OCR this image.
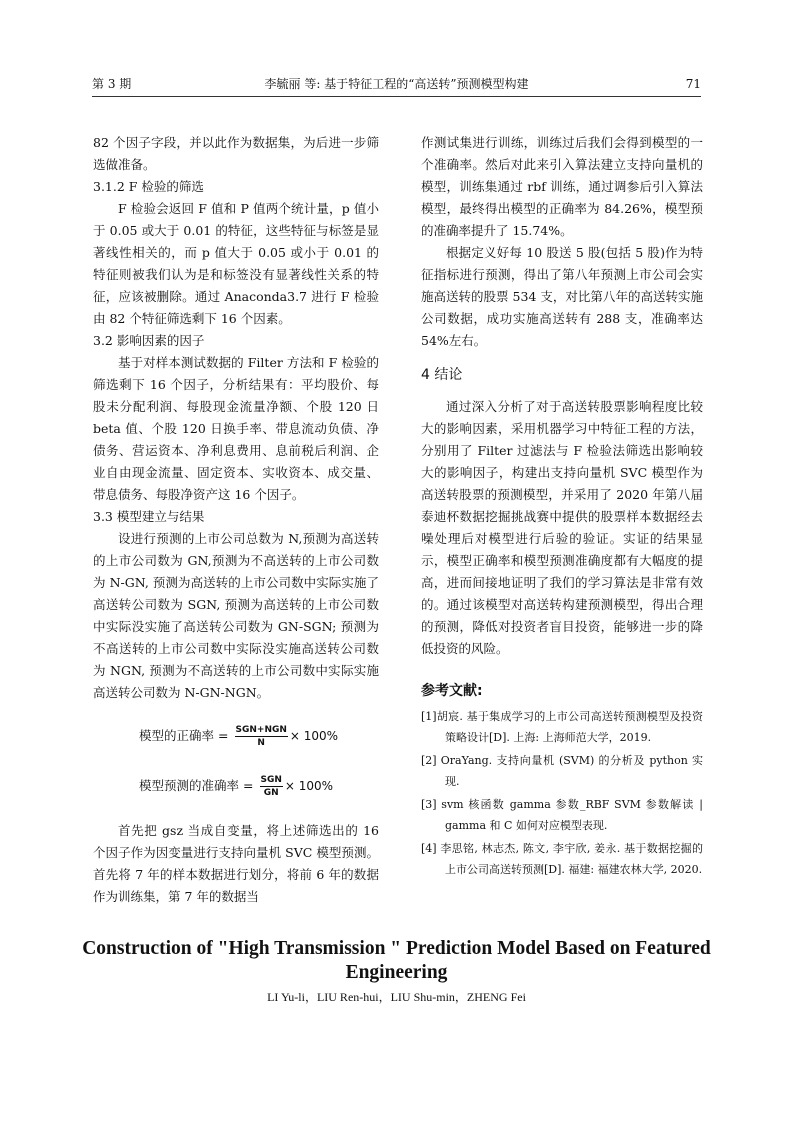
第 3 期	李毓丽 等: 基于特征工程的“高送转”预测模型构建	71

82 个因子字段，并以此作为数据集，为后进一步筛选做准备。

3.1.2 F 检验的筛选

F 检验会返回 F 值和 P 值两个统计量，p 值小于 0.05 或大于 0.01 的特征，这些特征与标签是显著线性相关的，而 p 值大于 0.05 或小于 0.01 的特征则被我们认为是和标签没有显著线性关系的特征，应该被删除。通过 Anaconda3.7 进行 F 检验由 82 个特征筛选剩下 16 个因素。

3.2 影响因素的因子

基于对样本测试数据的 Filter 方法和 F 检验的筛选剩下 16 个因子，分析结果有：平均股价、每股未分配利润、每股现金流量净额、个股 120 日 beta 值、个股 120 日换手率、带息流动负债、净债务、营运资本、净利息费用、息前税后利润、企业自由现金流量、固定资本、实收资本、成交量、带息债务、每股净资产这 16 个因子。

3.3 模型建立与结果

设进行预测的上市公司总数为 N,预测为高送转的上市公司数为 GN,预测为不高送转的上市公司数为 N-GN, 预测为高送转的上市公司数中实际实施了高送转公司数为 SGN, 预测为高送转的上市公司数中实际没实施了高送转公司数为 GN-SGN; 预测为不高送转的上市公司数中实际没实施高送转公司数为 NGN, 预测为不高送转的上市公司数中实际实施高送转公司数为 N-GN-NGN。

模型的正确率 = $\frac{\text{SGN+NGN}}{N} \times 100\%$
模型预测的准确率 = $\frac{\text{SGN}}{GN} \times 100\%$

首先把 gsz 当成自变量，将上述筛选出的 16 个因子作为因变量进行支持向量机 SVC 模型预测。首先将 7 年的样本数据进行划分，将前 6 年的数据作为训练集，第 7 年的数据当

作测试集进行训练，训练过后我们会得到模型的一个准确率。然后对此来引入算法建立支持向量机的模型，训练集通过 rbf 训练，通过调参后引入算法模型，最终得出模型的正确率为 84.26%，模型预的准确率提升了 15.74%。

根据定义好每 10 股送 5 股(包括 5 股)作为特征指标进行预测，得出了第八年预测上市公司会实施高送转的股票 534 支，对比第八年的高送转实施公司数据，成功实施高送转有 288 支，准确率达 54%左右。

4 结论

通过深入分析了对于高送转股票影响程度比较大的影响因素，采用机器学习中特征工程的方法，分别用了 Filter 过滤法与 F 检验法筛选出影响较大的影响因子，构建出支持向量机 SVC 模型作为高送转股票的预测模型，并采用了 2020 年第八届泰迪杯数据挖掘挑战赛中提供的股票样本数据经去噪处理后对模型进行后验的验证。实证的结果显示，模型正确率和模型预测准确度都有大幅度的提高，进而间接地证明了我们的学习算法是非常有效的。通过该模型对高送转构建预测模型，得出合理的预测，降低对投资者盲目投资，能够进一步的降低投资的风险。

参考文献:

[1]胡宸. 基于集成学习的上市公司高送转预测模型及投资策略设计[D]. 上海: 上海师范大学，2019.

[2] OraYang. 支持向量机 (SVM) 的分析及 python 实现.

[3] svm 核函数 gamma 参数_RBF SVM 参数解读 | gamma 和 C 如何对应模型表现.

[4] 李思铭, 林志杰, 陈文, 李宇欣, 姜永. 基于数据挖掘的上市公司高送转预测[D]. 福建: 福建农林大学, 2020.

Construction of "High Transmission " Prediction Model Based on Featured Engineering
LI Yu-li，LIU Ren-hui，LIU Shu-min，ZHENG Fei
